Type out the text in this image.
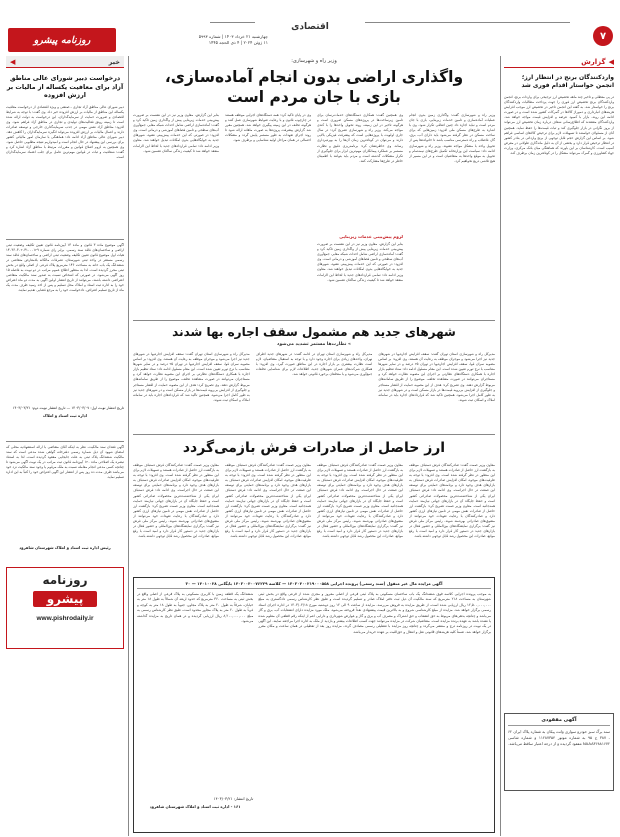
۷
اقتصادی
چهارشنبه ۲۱ خرداد ۱۴۰۳ | شماره ۵۹۹۳
۱۱ ژوئن ۲۰۲۴ | ۴ ذی الحجه ۱۴۴۵
روزنامه پیشرو
◀
گزارش
واردکنندگان برنج در انتظار ارز؛ انجمن خواستار اقدام فوری شد
در پی معطلی و تاخیر چند ماهه تخصیص ارز ترجیحی برای واردات برنج، انجمن واردکنندگان برنج تخصیص ارز فوری را جهت پرداخت مطالبات واردکنندگان برنج را خواستار شد. به گفته این انجمن تاخیر در تخصیص ارز موجب افزایش هزینه‌های انبارداری و دموراژ کالاها در گمرکات کشور شده است و در صورت ادامه این روند، بازار با کمبود عرضه و افزایش قیمت مواجه خواهد شد. واردکنندگان معتقدند که اطلاع‌رسانی شفاف درباره زمان تخصیص ارز می‌تواند از بروز نگرانی در بازار جلوگیری کند و ثبات قیمت‌ها را حفظ نماید. همچنین آنان از مسئولان خواستند تا تسهیلات لازم برای ترخیص کالاهای اساسی فراهم شود. بر اساس این گزارش حجم قابل توجهی از برنج وارداتی در بنادر کشور در انتظار ترخیص قرار دارد و بخشی از آن به دلیل ماندگاری طولانی در معرض آسیب است. کارشناسان بر این باورند که هماهنگی میان بانک مرکزی، وزارت جهاد کشاورزی و گمرک می‌تواند مشکل را در کوتاه‌ترین زمان برطرف کند.
آگهی مفقودی
سند برگ سبز خودرو سواری وانت پیکان به شماره پلاک ایران ۶۲ - ۳۸۷ ج ۹۵ به شماره موتور ۱۱۲۸۷۳۵۴ و شماره شاسی NAAA۳۶۸۸۱۶۷۲ مفقود گردیده و از درجه اعتبار ساقط می‌باشد.
وزیر راه و شهرسازی:
واگذاری اراضی بدون انجام آماده‌سازی، بازی با جان مردم است
وزیر راه و شهرسازی گفت: واگذاری زمین بدون انجام عملیات آماده‌سازی و تامین خدمات زیربنایی، بازی با جان مردم است و نباید اجازه داد چنین اتفاقی تکرار شود. وی با اشاره به طرح‌های مسکن ملی افزود: زمین‌هایی که برای ساخت مسکن در نظر گرفته می‌شود باید دارای آب، برق، گاز، فاضلاب و راه دسترسی مناسب باشد تا خانواده‌ها پس از تحویل واحد با مشکل مواجه نشوند. وزیر راه و شهرسازی ادامه داد: سیاست این وزارتخانه تکمیل طرح‌های نیمه‌تمام و تحویل به موقع واحدها به متقاضیان است و در این مسیر از هیچ تلاشی دریغ نخواهیم کرد.
وی همچنین گفت: همکاری دستگاه‌های خدمات‌رسان برای تامین زیرساخت‌ها در پروژه‌های مسکن ضروری است و هرگونه تاخیر در این زمینه، روند تحویل واحدها را با کندی مواجه می‌کند. وزیر راه و شهرسازی تصریح کرد: در سال جاری اولویت با پروژه‌هایی است که پیشرفت فیزیکی بالایی دارند و می‌توان در کوتاه‌ترین زمان آن‌ها را به بهره‌برداری رساند. وی خاطرنشان کرد: برنامه‌ریزی دقیق و نظارت مستمر بر عملکرد پیمانکاران مهم‌ترین ابزار برای جلوگیری از تکرار مشکلات گذشته است و مردم باید بتوانند با اطمینان خاطر در طرح‌ها مشارکت کنند.
لزوم پیش‌بینی خدمات زیربنایی
بنابر این گزارش، معاون وزیر نیز در این نشست بر ضرورت پیش‌بینی خدمات زیربنایی پیش از واگذاری زمین تاکید کرد و گفت: آماده‌سازی اراضی شامل احداث شبکه معابر، جمع‌آوری آب‌های سطحی و تامین فضاهای آموزشی و درمانی است. وی افزود: در صورتی که این خدمات پیش‌بینی نشود، شهرهای جدید به خوابگاه‌هایی بدون امکانات تبدیل خواهند شد. معاون وزیر ادامه داد: تمامی قراردادهای جدید با لحاظ این الزامات منعقد خواهد شد تا کیفیت زندگی ساکنان تضمین شود.
وی در پایان تاکید کرد: همه دستگاه‌های اجرایی موظف هستند در چارچوب قانون و با رعایت ضوابط شهرسازی عمل کنند و هرگونه تخلف در این زمینه پیگیری خواهد شد. همچنین مقرر شد گزارش پیشرفت پروژه‌ها به صورت ماهانه ارائه شود تا روند اجرای تعهدات به طور مستمر پایش گردد و مشکلات احتمالی در همان مراحل اولیه شناسایی و برطرف شود.
بنابر این گزارش، معاون وزیر نیز در این نشست بر ضرورت پیش‌بینی خدمات زیربنایی پیش از واگذاری زمین تاکید کرد و گفت: آماده‌سازی اراضی شامل احداث شبکه معابر، جمع‌آوری آب‌های سطحی و تامین فضاهای آموزشی و درمانی است. وی افزود: در صورتی که این خدمات پیش‌بینی نشود، شهرهای جدید به خوابگاه‌هایی بدون امکانات تبدیل خواهند شد. معاون وزیر ادامه داد: تمامی قراردادهای جدید با لحاظ این الزامات منعقد خواهد شد تا کیفیت زندگی ساکنان تضمین شود.
شهرهای جدید هم مشمول سقف اجاره بها شدند
» نظارت‌ها مستمر تشدید می‌شود
مدیرکل راه و شهرسازی استان تهران گفت: سقف افزایش اجاره‌بها در شهرهای جدید نیز اجرا می‌شود و موجران موظف به رعایت آن هستند. وی افزود: بر اساس مصوبه سران قوا، سقف افزایش اجاره‌بها در تهران ۲۵ درصد و در سایر شهرها متناسب با نرخ تورم تعیین شده است. این مقام مسئول ادامه داد: ستاد تنظیم بازار اجاره با همکاری دستگاه‌های نظارتی بر اجرای این مصوبه نظارت خواهد کرد و مستاجران می‌توانند در صورت مشاهده تخلف، موضوع را از طریق سامانه‌های مربوط گزارش دهند. وی تصریح کرد: هدف از این مصوبه حمایت از اقشار مستاجر و جلوگیری از افزایش بی‌رویه قیمت‌ها در بازار مسکن است و در شهرهای جدید نیز به طور کامل اجرا می‌شود. همچنین تاکید شد که قراردادهای اجاره باید در سامانه املاک و اسکان ثبت شوند.
مدیرکل راه و شهرسازی استان تهران در ادامه گفت: در شهرهای جدید اطراف تهران، واحدهای زیادی برای اجاره وجود دارد و با توجه به استقبال متقاضیان، لازم است نظارت بیشتری بر بازار اجاره در این مناطق صورت گیرد. وی افزود: با همکاری شرکت‌های عمران شهرهای جدید، اطلاعات لازم برای شناسایی تخلفات جمع‌آوری می‌شود و با متخلفان برخورد قانونی خواهد شد.
مدیرکل راه و شهرسازی استان تهران گفت: سقف افزایش اجاره‌بها در شهرهای جدید نیز اجرا می‌شود و موجران موظف به رعایت آن هستند. وی افزود: بر اساس مصوبه سران قوا، سقف افزایش اجاره‌بها در تهران ۲۵ درصد و در سایر شهرها متناسب با نرخ تورم تعیین شده است. این مقام مسئول ادامه داد: ستاد تنظیم بازار اجاره با همکاری دستگاه‌های نظارتی بر اجرای این مصوبه نظارت خواهد کرد و مستاجران می‌توانند در صورت مشاهده تخلف، موضوع را از طریق سامانه‌های مربوط گزارش دهند. وی تصریح کرد: هدف از این مصوبه حمایت از اقشار مستاجر و جلوگیری از افزایش بی‌رویه قیمت‌ها در بازار مسکن است و در شهرهای جدید نیز به طور کامل اجرا می‌شود. همچنین تاکید شد که قراردادهای اجاره باید در سامانه املاک و اسکان ثبت شوند.
ارز حاصل از صادرات فرش بازمی‌گردد
معاون وزیر صمت گفت: صادرکنندگان فرش دستباف موظف به بازگشت ارز حاصل از صادرات هستند و تسهیلات لازم برای این منظور در نظر گرفته شده است. وی افزود: با توجه به ظرفیت‌های موجود، امکان افزایش صادرات فرش دستباف به بازارهای هدف وجود دارد و برنامه‌های حمایتی برای توسعه این صنعت در حال اجراست. وی ادامه داد: فرش دستباف ایران یکی از شناخته‌شده‌ترین محصولات صادراتی کشور است و حفظ جایگاه آن در بازارهای جهانی نیازمند حمایت همه‌جانبه است. معاون وزیر صمت تصریح کرد: بازگشت ارز حاصل از صادرات نقش مهمی در تامین نیازهای ارزی کشور دارد و صادرکنندگان با رعایت تعهدات خود می‌توانند از مشوق‌های صادراتی بهره‌مند شوند. رئیس مرکز ملی فرش نیز گفت: برگزاری نمایشگاه‌های بین‌المللی و حضور فعال در بازارهای جدید در دستور کار قرار دارد و امید است با رفع موانع، صادرات این محصول رشد قابل توجهی داشته باشد.
معاون وزیر صمت گفت: صادرکنندگان فرش دستباف موظف به بازگشت ارز حاصل از صادرات هستند و تسهیلات لازم برای این منظور در نظر گرفته شده است. وی افزود: با توجه به ظرفیت‌های موجود، امکان افزایش صادرات فرش دستباف به بازارهای هدف وجود دارد و برنامه‌های حمایتی برای توسعه این صنعت در حال اجراست. وی ادامه داد: فرش دستباف ایران یکی از شناخته‌شده‌ترین محصولات صادراتی کشور است و حفظ جایگاه آن در بازارهای جهانی نیازمند حمایت همه‌جانبه است. معاون وزیر صمت تصریح کرد: بازگشت ارز حاصل از صادرات نقش مهمی در تامین نیازهای ارزی کشور دارد و صادرکنندگان با رعایت تعهدات خود می‌توانند از مشوق‌های صادراتی بهره‌مند شوند. رئیس مرکز ملی فرش نیز گفت: برگزاری نمایشگاه‌های بین‌المللی و حضور فعال در بازارهای جدید در دستور کار قرار دارد و امید است با رفع موانع، صادرات این محصول رشد قابل توجهی داشته باشد.
معاون وزیر صمت گفت: صادرکنندگان فرش دستباف موظف به بازگشت ارز حاصل از صادرات هستند و تسهیلات لازم برای این منظور در نظر گرفته شده است. وی افزود: با توجه به ظرفیت‌های موجود، امکان افزایش صادرات فرش دستباف به بازارهای هدف وجود دارد و برنامه‌های حمایتی برای توسعه این صنعت در حال اجراست. وی ادامه داد: فرش دستباف ایران یکی از شناخته‌شده‌ترین محصولات صادراتی کشور است و حفظ جایگاه آن در بازارهای جهانی نیازمند حمایت همه‌جانبه است. معاون وزیر صمت تصریح کرد: بازگشت ارز حاصل از صادرات نقش مهمی در تامین نیازهای ارزی کشور دارد و صادرکنندگان با رعایت تعهدات خود می‌توانند از مشوق‌های صادراتی بهره‌مند شوند. رئیس مرکز ملی فرش نیز گفت: برگزاری نمایشگاه‌های بین‌المللی و حضور فعال در بازارهای جدید در دستور کار قرار دارد و امید است با رفع موانع، صادرات این محصول رشد قابل توجهی داشته باشد.
معاون وزیر صمت گفت: صادرکنندگان فرش دستباف موظف به بازگشت ارز حاصل از صادرات هستند و تسهیلات لازم برای این منظور در نظر گرفته شده است. وی افزود: با توجه به ظرفیت‌های موجود، امکان افزایش صادرات فرش دستباف به بازارهای هدف وجود دارد و برنامه‌های حمایتی برای توسعه این صنعت در حال اجراست. وی ادامه داد: فرش دستباف ایران یکی از شناخته‌شده‌ترین محصولات صادراتی کشور است و حفظ جایگاه آن در بازارهای جهانی نیازمند حمایت همه‌جانبه است. معاون وزیر صمت تصریح کرد: بازگشت ارز حاصل از صادرات نقش مهمی در تامین نیازهای ارزی کشور دارد و صادرکنندگان با رعایت تعهدات خود می‌توانند از مشوق‌های صادراتی بهره‌مند شوند. رئیس مرکز ملی فرش نیز گفت: برگزاری نمایشگاه‌های بین‌المللی و حضور فعال در بازارهای جدید در دستور کار قرار دارد و امید است با رفع موانع، صادرات این محصول رشد قابل توجهی داشته باشد.
آگهی مزایده مال غیر منقول (سند رسمی) پرونده اجرایی ۱۴۰۳۰۴۰۰۲۱۹۰۰۰۵۵۸ — کلاسه ۱۴۰۳۰۰۴۰۰۷۶۲۲۹ بایگانی ۱۴۰۱۰۰۲۸ — ۳۰
به موجب پرونده اجرایی کلاسه فوق ششدانگ یک باب ساختمان مسکونی به پلاک ثبتی فرعی از اصلی مفروز و مجزی شده از فرعی واقع در بخش ثبتی شهرستان به مساحت ۲۱۸ مترمربع که سند مالکیت آن ذیل ثبت دفتر املاک صادر و تسلیم گردیده است و طبق نظر کارشناس رسمی دادگستری به مبلغ ۱۲,۵۰۰,۰۰۰,۰۰۰ ریال ارزیابی شده است، از طریق مزایده به فروش می‌رسد. مزایده از ساعت ۹ الی ۱۲ روز دوشنبه مورخ ۱۴۰۳/۰۴/۱۸ در اداره اجرای اسناد رسمی برگزار خواهد شد. مزایده از مبلغ کارشناسی شروع و به بالاترین قیمت پیشنهادی نقداً فروخته می‌شود. ملک مورد مزایده دارای انشعابات آب، برق و گاز می‌باشد و چنانچه بدهی‌های مربوط به حق انشعاب و حق اشتراک و مصرف آب و برق و گاز و عوارض شهرداری و دارایی اعم از اینکه رقم قطعی آن معلوم شده یا نشده باشد به عهده برنده مزایده است. متقاضیان شرکت در مزایده می‌توانند جهت کسب اطلاعات بیشتر و بازدید از ملک به اداره اجرا مراجعه نمایند. این آگهی در یک نوبت در روزنامه درج و منتشر می‌گردد و چنانچه روز مزایده با تعطیلی رسمی مصادف گردد، مزایده روز بعد از تعطیلی در همان ساعت و مکان مقرر برگزار خواهد شد. ضمناً کلیه هزینه‌های قانونی نقل و انتقال و حق‌الثبت بر عهده خریدار می‌باشد.
ششدانگ یک قطعه زمین با کاربری مسکونی به پلاک فرعی از اصلی واقع در بخش ثبتی به مساحت ۳۶۰ مترمربع که حدود اربعه آن شمالاً به طول ۱۸ متر به خیابان، شرقاً به طول ۲۰ متر به پلاک مجاور، جنوباً به طول ۱۸ متر به کوچه و غرباً به طول ۲۰ متر به پلاک مجاور محدود است، طبق نظر کارشناس رسمی به مبلغ ۸,۲۰۰,۰۰۰,۰۰۰ ریال ارزیابی گردیده و در همان تاریخ به مزایده گذاشته می‌شود.
تاریخ انتشار: ۱۴۰۳/۰۳/۲۱
۱۶۱ - اداره ثبت اسناد و املاک شهرستان شاهرود
خبر
◀
درخواست دبیر شورای عالی مناطق آزاد برای معافیت یکساله از مالیات بر ارزش افزوده
دبیر شورای عالی مناطق آزاد تجاری ـ صنعتی و ویژه اقتصادی از درخواست معافیت یکساله این مناطق از مالیات بر ارزش افزوده خبر داد. وی گفت: با توجه به شرایط اقتصادی و ضرورت حمایت از سرمایه‌گذاران، این درخواست به دولت ارائه شده است تا زمینه رونق فعالیت‌های تولیدی و تجاری در مناطق آزاد فراهم شود. وی افزود: مناطق آزاد نقش مهمی در جذب سرمایه‌گذاری خارجی و توسعه صادرات دارند و اعمال مالیات بر ارزش افزوده می‌تواند انگیزه سرمایه‌گذاران را کاهش دهد. دبیر شورای عالی مناطق آزاد ادامه داد: هماهنگی با سازمان امور مالیاتی کشور برای بررسی این پیشنهاد در حال انجام است و امیدواریم نتیجه مطلوبی حاصل شود. وی همچنین به لزوم اصلاح قوانین و مقررات مرتبط با مناطق آزاد اشاره کرد و گفت: شفافیت و ثبات در قوانین مهم‌ترین عامل برای جلب اعتماد سرمایه‌گذاران است.
آگهی موضوع ماده ۳ قانون و ماده ۱۳ آیین‌نامه قانون تعیین تکلیف وضعیت ثبتی اراضی و ساختمان‌های فاقد سند رسمی. برابر رای شماره ۱۴۰۳۶۰۳۰۲۰۴۱۰۰۰۱۲۹ هیات اول موضوع قانون تعیین تکلیف وضعیت ثبتی اراضی و ساختمان‌های فاقد سند رسمی مستقر در واحد ثبتی شهرستان، تصرفات مالکانه بلامعارض متقاضی در ششدانگ یک باب خانه به مساحت ۱۴۶ مترمربع پلاک فرعی از اصلی واقع در بخش ثبتی محرز گردیده است. لذا به منظور اطلاع عموم مراتب در دو نوبت به فاصله ۱۵ روز آگهی می‌شود. در صورتی که اشخاص نسبت به صدور سند مالکیت متقاضی اعتراضی داشته باشند، می‌توانند از تاریخ انتشار اولین آگهی به مدت دو ماه اعتراض خود را به اداره ثبت اسناد و املاک محل تسلیم و پس از اخذ رسید ظرف مدت یک ماه از تاریخ تسلیم اعتراض، دادخواست خود را به مرجع قضایی تقدیم نمایند.
تاریخ انتشار نوبت اول: ۱۴۰۳/۰۳/۰۷ — تاریخ انتشار نوبت دوم: ۱۴۰۳/۰۳/۲۱
اداره ثبت اسناد و املاک
آگهی فقدان سند مالکیت. نظر به اینکه آقای متقاضی با ارائه استشهادیه محلی که امضای شهود آن ذیل شماره رسمی دفترخانه گواهی شده مدعی است که سند مالکیت ششدانگ پلاک ثبتی به علت جابجایی مفقود گردیده است، لذا به استناد تبصره یک اصلاحی ماده ۱۲۰ آیین‌نامه قانون ثبت مراتب در یک نوبت آگهی می‌شود تا چنانچه کسی مدعی انجام معامله نسبت به ملک مرقوم یا وجود سند مالکیت نزد خود می‌باشد ظرف مدت ده روز پس از انتشار این آگهی اعتراض خود را کتباً به این اداره تسلیم نماید.
رئیس اداره ثبت اسناد و املاک شهرستان شاهرود
روزنامه
پیشرو
www.pishrodaily.ir
